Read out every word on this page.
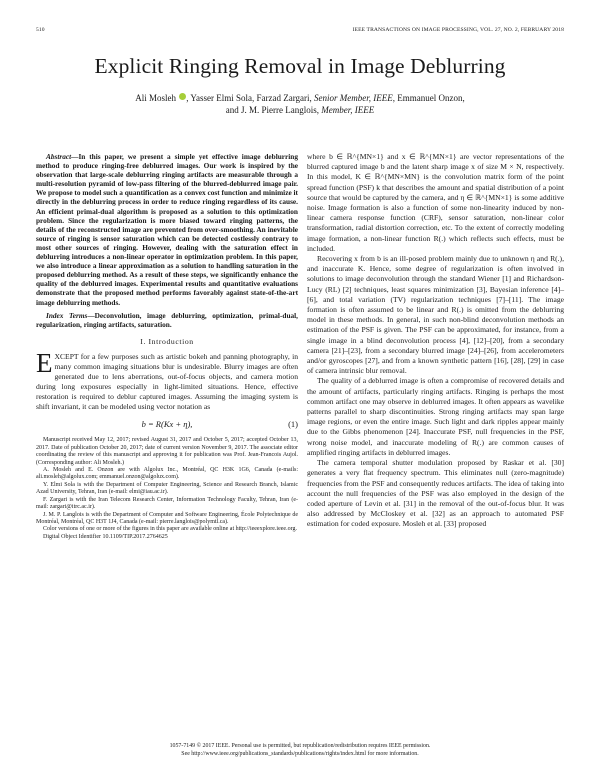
510	IEEE TRANSACTIONS ON IMAGE PROCESSING, VOL. 27, NO. 2, FEBRUARY 2018
Explicit Ringing Removal in Image Deblurring
Ali Mosleh , Yasser Elmi Sola, Farzad Zargari, Senior Member, IEEE, Emmanuel Onzon,
and J. M. Pierre Langlois, Member, IEEE

Abstract—In this paper, we present a simple yet effective image deblurring method to produce ringing-free deblurred images. Our work is inspired by the observation that large-scale deblurring ringing artifacts are measurable through a multi-resolution pyramid of low-pass filtering of the blurred-deblurred image pair. We propose to model such a quantification as a convex cost function and minimize it directly in the deblurring process in order to reduce ringing regardless of its cause. An efficient primal-dual algorithm is proposed as a solution to this optimization problem. Since the regularization is more biased toward ringing patterns, the details of the reconstructed image are prevented from over-smoothing. An inevitable source of ringing is sensor saturation which can be detected costlessly contrary to most other sources of ringing. However, dealing with the saturation effect in deblurring introduces a non-linear operator in optimization problem. In this paper, we also introduce a linear approximation as a solution to handling saturation in the proposed deblurring method. As a result of these steps, we significantly enhance the quality of the deblurred images. Experimental results and quantitative evaluations demonstrate that the proposed method performs favorably against state-of-the-art image deblurring methods.

Index Terms—Deconvolution, image deblurring, optimization, primal-dual, regularization, ringing artifacts, saturation.

I. Introduction

EXCEPT for a few purposes such as artistic bokeh and panning photography, in many common imaging situations blur is undesirable. Blurry images are often generated due to lens aberrations, out-of-focus objects, and camera motion during long exposures especially in light-limited situations. Hence, effective restoration is required to deblur captured images. Assuming the imaging system is shift invariant, it can be modeled using vector notation as

b = R(Kx + η),	(1)

Manuscript received May 12, 2017; revised August 31, 2017 and October 5, 2017; accepted October 13, 2017. Date of publication October 20, 2017; date of current version November 9, 2017. The associate editor coordinating the review of this manuscript and approving it for publication was Prof. Jean-Francois Aujol. (Corresponding author: Ali Mosleh.)

A. Mosleh and E. Onzon are with Algolux Inc., Montréal, QC H3K 1G6, Canada (e-mails: ali.mosleh@algolux.com; emmanuel.onzon@algolux.com).

Y. Elmi Sola is with the Department of Computer Engineering, Science and Research Branch, Islamic Azad University, Tehran, Iran (e-mail: elmi@iau.ac.ir).

F. Zargari is with the Iran Telecom Research Center, Information Technology Faculty, Tehran, Iran (e-mail: zargari@itrc.ac.ir).

J. M. P. Langlois is with the Department of Computer and Software Engineering, École Polytechnique de Montréal, Montréal, QC H3T 1J4, Canada (e-mail: pierre.langlois@polymtl.ca).

Color versions of one or more of the figures in this paper are available online at http://ieeexplore.ieee.org.

Digital Object Identifier 10.1109/TIP.2017.2764625

where b ∈ ℝ^{MN×1} and x ∈ ℝ^{MN×1} are vector representations of the blurred captured image b and the latent sharp image x of size M × N, respectively. In this model, K ∈ ℝ^{MN×MN} is the convolution matrix form of the point spread function (PSF) k that describes the amount and spatial distribution of a point source that would be captured by the camera, and η ∈ ℝ^{MN×1} is some additive noise. Image formation is also a function of some non-linearity induced by non-linear camera response function (CRF), sensor saturation, non-linear color transformation, radial distortion correction, etc. To the extent of correctly modeling image formation, a non-linear function R(.) which reflects such effects, must be included.

Recovering x from b is an ill-posed problem mainly due to unknown η and R(.), and inaccurate K. Hence, some degree of regularization is often involved in solutions to image deconvolution through the standard Wiener [1] and Richardson-Lucy (RL) [2] techniques, least squares minimization [3], Bayesian inference [4]–[6], and total variation (TV) regularization techniques [7]–[11]. The image formation is often assumed to be linear and R(.) is omitted from the deblurring model in these methods. In general, in such non-blind deconvolution methods an estimation of the PSF is given. The PSF can be approximated, for instance, from a single image in a blind deconvolution process [4], [12]–[20], from a secondary camera [21]–[23], from a secondary blurred image [24]–[26], from accelerometers and/or gyroscopes [27], and from a known synthetic pattern [16], [28], [29] in case of camera intrinsic blur removal.

The quality of a deblurred image is often a compromise of recovered details and the amount of artifacts, particularly ringing artifacts. Ringing is perhaps the most common artifact one may observe in deblurred images. It often appears as wavelike patterns parallel to sharp discontinuities. Strong ringing artifacts may span large image regions, or even the entire image. Such light and dark ripples appear mainly due to the Gibbs phenomenon [24]. Inaccurate PSF, null frequencies in the PSF, wrong noise model, and inaccurate modeling of R(.) are common causes of amplified ringing artifacts in deblurred images.

The camera temporal shutter modulation proposed by Raskar et al. [30] generates a very flat frequency spectrum. This eliminates null (zero-magnitude) frequencies from the PSF and consequently reduces artifacts. The idea of taking into account the null frequencies of the PSF was also employed in the design of the coded aperture of Levin et al. [31] in the removal of the out-of-focus blur. It was also addressed by McCloskey et al. [32] as an approach to automated PSF estimation for coded exposure. Mosleh et al. [33] proposed

1057-7149 © 2017 IEEE. Personal use is permitted, but republication/redistribution requires IEEE permission.
See http://www.ieee.org/publications_standards/publications/rights/index.html for more information.
